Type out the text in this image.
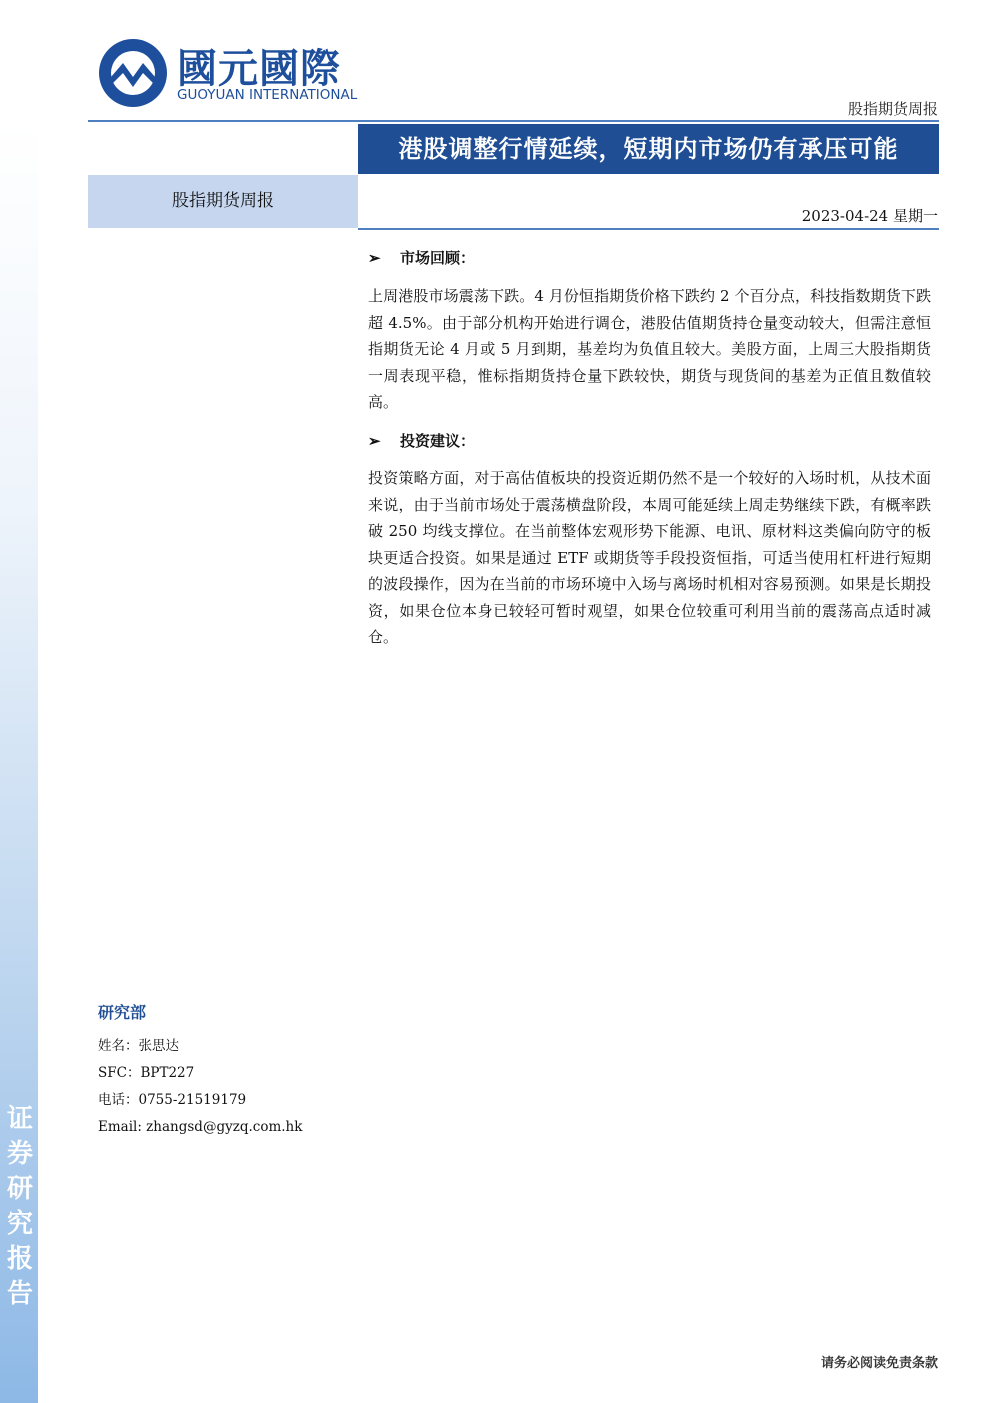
证券研究报告
國元國際
GUOYUAN INTERNATIONAL
股指期货周报
港股调整行情延续，短期内市场仍有承压可能
股指期货周报
2023-04-24 星期一
➢ 市场回顾：
上周港股市场震荡下跌。4 月份恒指期货价格下跌约 2 个百分点，科技指数期货下跌超 4.5%。由于部分机构开始进行调仓，港股估值期货持仓量变动较大，但需注意恒指期货无论 4 月或 5 月到期，基差均为负值且较大。美股方面，上周三大股指期货一周表现平稳，惟标指期货持仓量下跌较快，期货与现货间的基差为正值且数值较高。
➢ 投资建议：
投资策略方面，对于高估值板块的投资近期仍然不是一个较好的入场时机，从技术面来说，由于当前市场处于震荡横盘阶段，本周可能延续上周走势继续下跌，有概率跌破 250 均线支撑位。在当前整体宏观形势下能源、电讯、原材料这类偏向防守的板块更适合投资。如果是通过 ETF 或期货等手段投资恒指，可适当使用杠杆进行短期的波段操作，因为在当前的市场环境中入场与离场时机相对容易预测。如果是长期投资，如果仓位本身已较轻可暂时观望，如果仓位较重可利用当前的震荡高点适时减仓。
研究部
姓名：张思达
SFC：BPT227
电话：0755-21519179
Email: zhangsd@gyzq.com.hk
请务必阅读免责条款
